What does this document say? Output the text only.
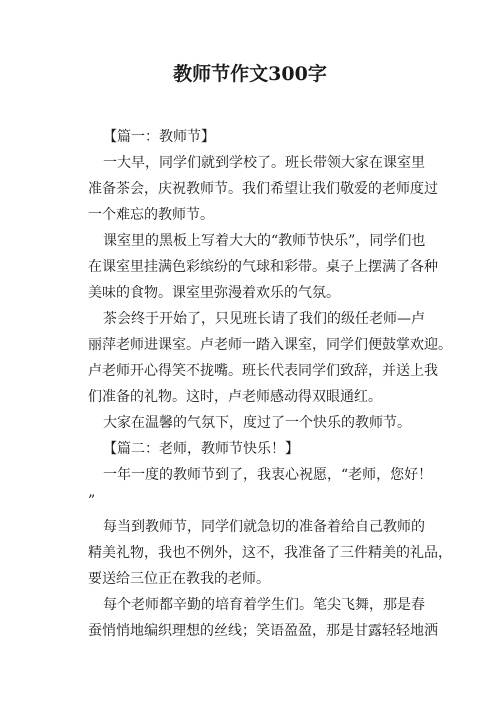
教师节作文300字
【篇一：教师节】
一大早，同学们就到学校了。班长带领大家在课室里
准备茶会，庆祝教师节。我们希望让我们敬爱的老师度过
一个难忘的教师节。
课室里的黑板上写着大大的“教师节快乐”，同学们也
在课室里挂满色彩缤纷的气球和彩带。桌子上摆满了各种
美味的食物。课室里弥漫着欢乐的气氛。
茶会终于开始了，只见班长请了我们的级任老师—卢
丽萍老师进课室。卢老师一踏入课室，同学们便鼓掌欢迎。
卢老师开心得笑不拢嘴。班长代表同学们致辞，并送上我
们准备的礼物。这时，卢老师感动得双眼通红。
大家在温馨的气氛下，度过了一个快乐的教师节。
【篇二：老师，教师节快乐！】
一年一度的教师节到了，我衷心祝愿，“老师，您好！
”
每当到教师节，同学们就急切的准备着给自己教师的
精美礼物，我也不例外，这不，我准备了三件精美的礼品，
要送给三位正在教我的老师。
每个老师都辛勤的培育着学生们。笔尖飞舞，那是春
蚕悄悄地编织理想的丝线；笑语盈盈，那是甘露轻轻地洒
